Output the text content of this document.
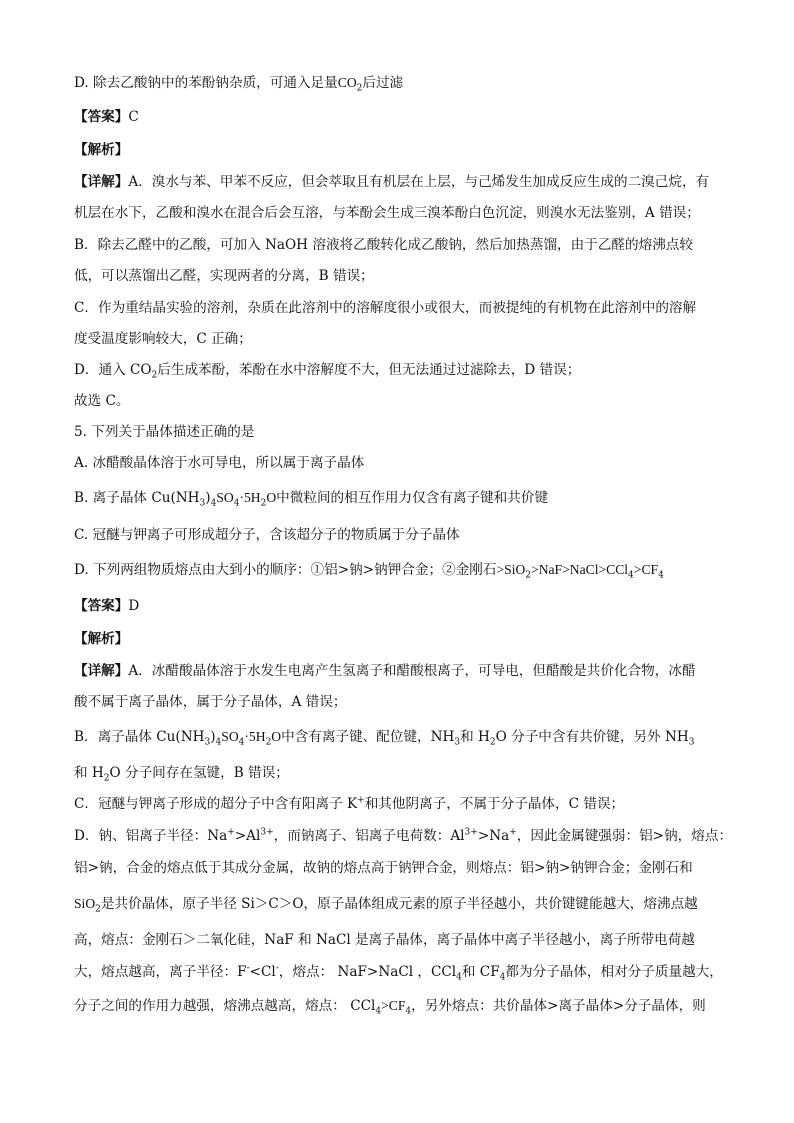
D. 除去乙酸钠中的苯酚钠杂质，可通入足量$CO_2$后过滤
【答案】C
【解析】
【详解】A．溴水与苯、甲苯不反应，但会萃取且有机层在上层，与己烯发生加成反应生成的二溴己烷，有
机层在水下，乙酸和溴水在混合后会互溶，与苯酚会生成三溴苯酚白色沉淀，则溴水无法鉴别，A 错误；
B．除去乙醛中的乙酸，可加入 NaOH 溶液将乙酸转化成乙酸钠，然后加热蒸馏，由于乙醛的熔沸点较
低，可以蒸馏出乙醛，实现两者的分离，B 错误；
C．作为重结晶实验的溶剂，杂质在此溶剂中的溶解度很小或很大，而被提纯的有机物在此溶剂中的溶解
度受温度影响较大，C 正确；
D．通入 $CO_2$后生成苯酚，苯酚在水中溶解度不大，但无法通过过滤除去，D 错误；
故选 C。
5. 下列关于晶体描述正确的是
A. 冰醋酸晶体溶于水可导电，所以属于离子晶体
B. 离子晶体 $Cu(NH_3)_4SO_4\cdot 5H_2O$中微粒间的相互作用力仅含有离子键和共价键
C. 冠醚与钾离子可形成超分子，含该超分子的物质属于分子晶体
D. 下列两组物质熔点由大到小的顺序：①铝>钠>钠钾合金；②金刚石$>SiO_2>NaF>NaCl>CCl_4>CF_4$
【答案】D
【解析】
【详解】A．冰醋酸晶体溶于水发生电离产生氢离子和醋酸根离子，可导电，但醋酸是共价化合物，冰醋
酸不属于离子晶体，属于分子晶体，A 错误；
B．离子晶体 $Cu(NH_3)_4SO_4\cdot 5H_2O$中含有离子键、配位键，$NH_3$和 $H_2O$ 分子中含有共价键，另外 $NH_3$
和 $H_2O$ 分子间存在氢键，B 错误；
C．冠醚与钾离子形成的超分子中含有阳离子 K+和其他阴离子，不属于分子晶体，C 错误；
D．钠、铝离子半径：$Na^+>Al^{3+}$，而钠离子、铝离子电荷数：$Al^{3+}>Na^+$，因此金属键强弱：铝>钠，熔点：
铝>钠，合金的熔点低于其成分金属，故钠的熔点高于钠钾合金，则熔点：铝>钠>钠钾合金；金刚石和
SiO$_2$是共价晶体，原子半径 Si＞C＞O，原子晶体组成元素的原子半径越小，共价键键能越大，熔沸点越
高，熔点：金刚石＞二氧化硅，NaF 和 NaCl 是离子晶体，离子晶体中离子半径越小，离子所带电荷越
大，熔点越高，离子半径：F-<Cl-，熔点： NaF>NaCl ，CCl$_4$和 $CF_4$都为分子晶体，相对分子质量越大，
分子之间的作用力越强，熔沸点越高，熔点： $CCl_4>CF_4$，另外熔点：共价晶体>离子晶体>分子晶体，则
